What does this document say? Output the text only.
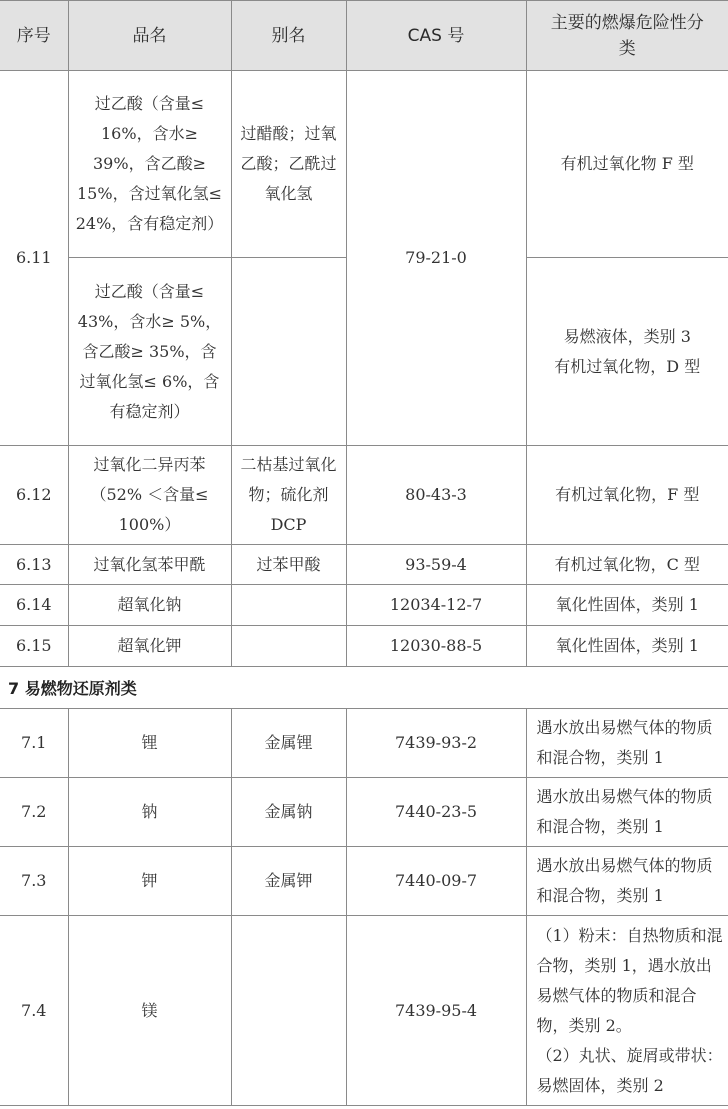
序号	品名	别名	CAS 号	主要的燃爆危险性分类
6.11	过乙酸（含量≤ 16%，含水≥ 39%，含乙酸≥ 15%，含过氧化氢≤ 24%，含有稳定剂）	过醋酸；过氧乙酸；乙酰过氧化氢	79-21-0	有机过氧化物 F 型
	过乙酸（含量≤ 43%，含水≥ 5%，含乙酸≥ 35%，含过氧化氢≤ 6%，含有稳定剂）			易燃液体，类别 3
有机过氧化物，D 型

6.12	过氧化二异丙苯（52% ＜含量≤ 100%）	二枯基过氧化物；硫化剂 DCP	80-43-3	有机过氧化物，F 型
6.13	过氧化氢苯甲酰	过苯甲酸	93-59-4	有机过氧化物，C 型
6.14	超氧化钠		12034-12-7	氧化性固体，类别 1
6.15	超氧化钾		12030-88-5	氧化性固体，类别 1
7 易燃物还原剂类
7.1	锂	金属锂	7439-93-2	遇水放出易燃气体的物质和混合物，类别 1
7.2	钠	金属钠	7440-23-5	遇水放出易燃气体的物质和混合物，类别 1
7.3	钾	金属钾	7440-09-7	遇水放出易燃气体的物质和混合物，类别 1
7.4	镁		7439-95-4	（1）粉末：自热物质和混合物，类别 1，遇水放出易燃气体的物质和混合物，类别 2。
（2）丸状、旋屑或带状：易燃固体，类别 2
